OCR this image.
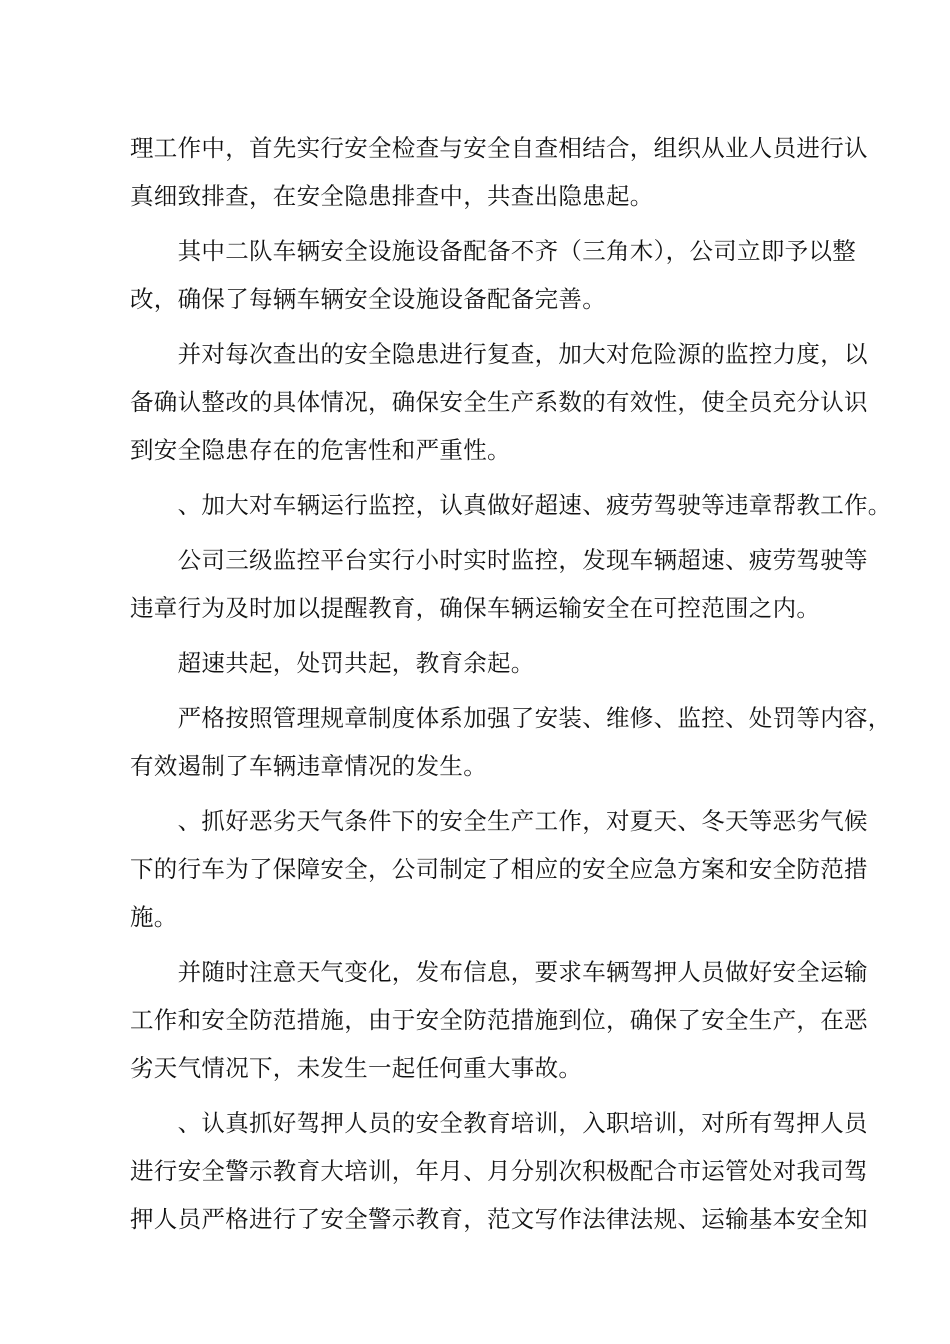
理工作中，首先实行安全检查与安全自查相结合，组织从业人员进行认
真细致排查，在安全隐患排查中，共查出隐患起。

　　其中二队车辆安全设施设备配备不齐（三角木），公司立即予以整
改，确保了每辆车辆安全设施设备配备完善。

　　并对每次查出的安全隐患进行复查，加大对危险源的监控力度，以
备确认整改的具体情况，确保安全生产系数的有效性，使全员充分认识
到安全隐患存在的危害性和严重性。

　　、加大对车辆运行监控，认真做好超速、疲劳驾驶等违章帮教工作。

　　公司三级监控平台实行小时实时监控，发现车辆超速、疲劳驾驶等
违章行为及时加以提醒教育，确保车辆运输安全在可控范围之内。

　　超速共起，处罚共起，教育余起。

　　严格按照管理规章制度体系加强了安装、维修、监控、处罚等内容，
有效遏制了车辆违章情况的发生。

　　、抓好恶劣天气条件下的安全生产工作，对夏天、冬天等恶劣气候
下的行车为了保障安全，公司制定了相应的安全应急方案和安全防范措
施。

　　并随时注意天气变化，发布信息，要求车辆驾押人员做好安全运输
工作和安全防范措施，由于安全防范措施到位，确保了安全生产，在恶
劣天气情况下，未发生一起任何重大事故。

　　、认真抓好驾押人员的安全教育培训，入职培训，对所有驾押人员
进行安全警示教育大培训，年月、月分别次积极配合市运管处对我司驾
押人员严格进行了安全警示教育，范文写作法律法规、运输基本安全知
